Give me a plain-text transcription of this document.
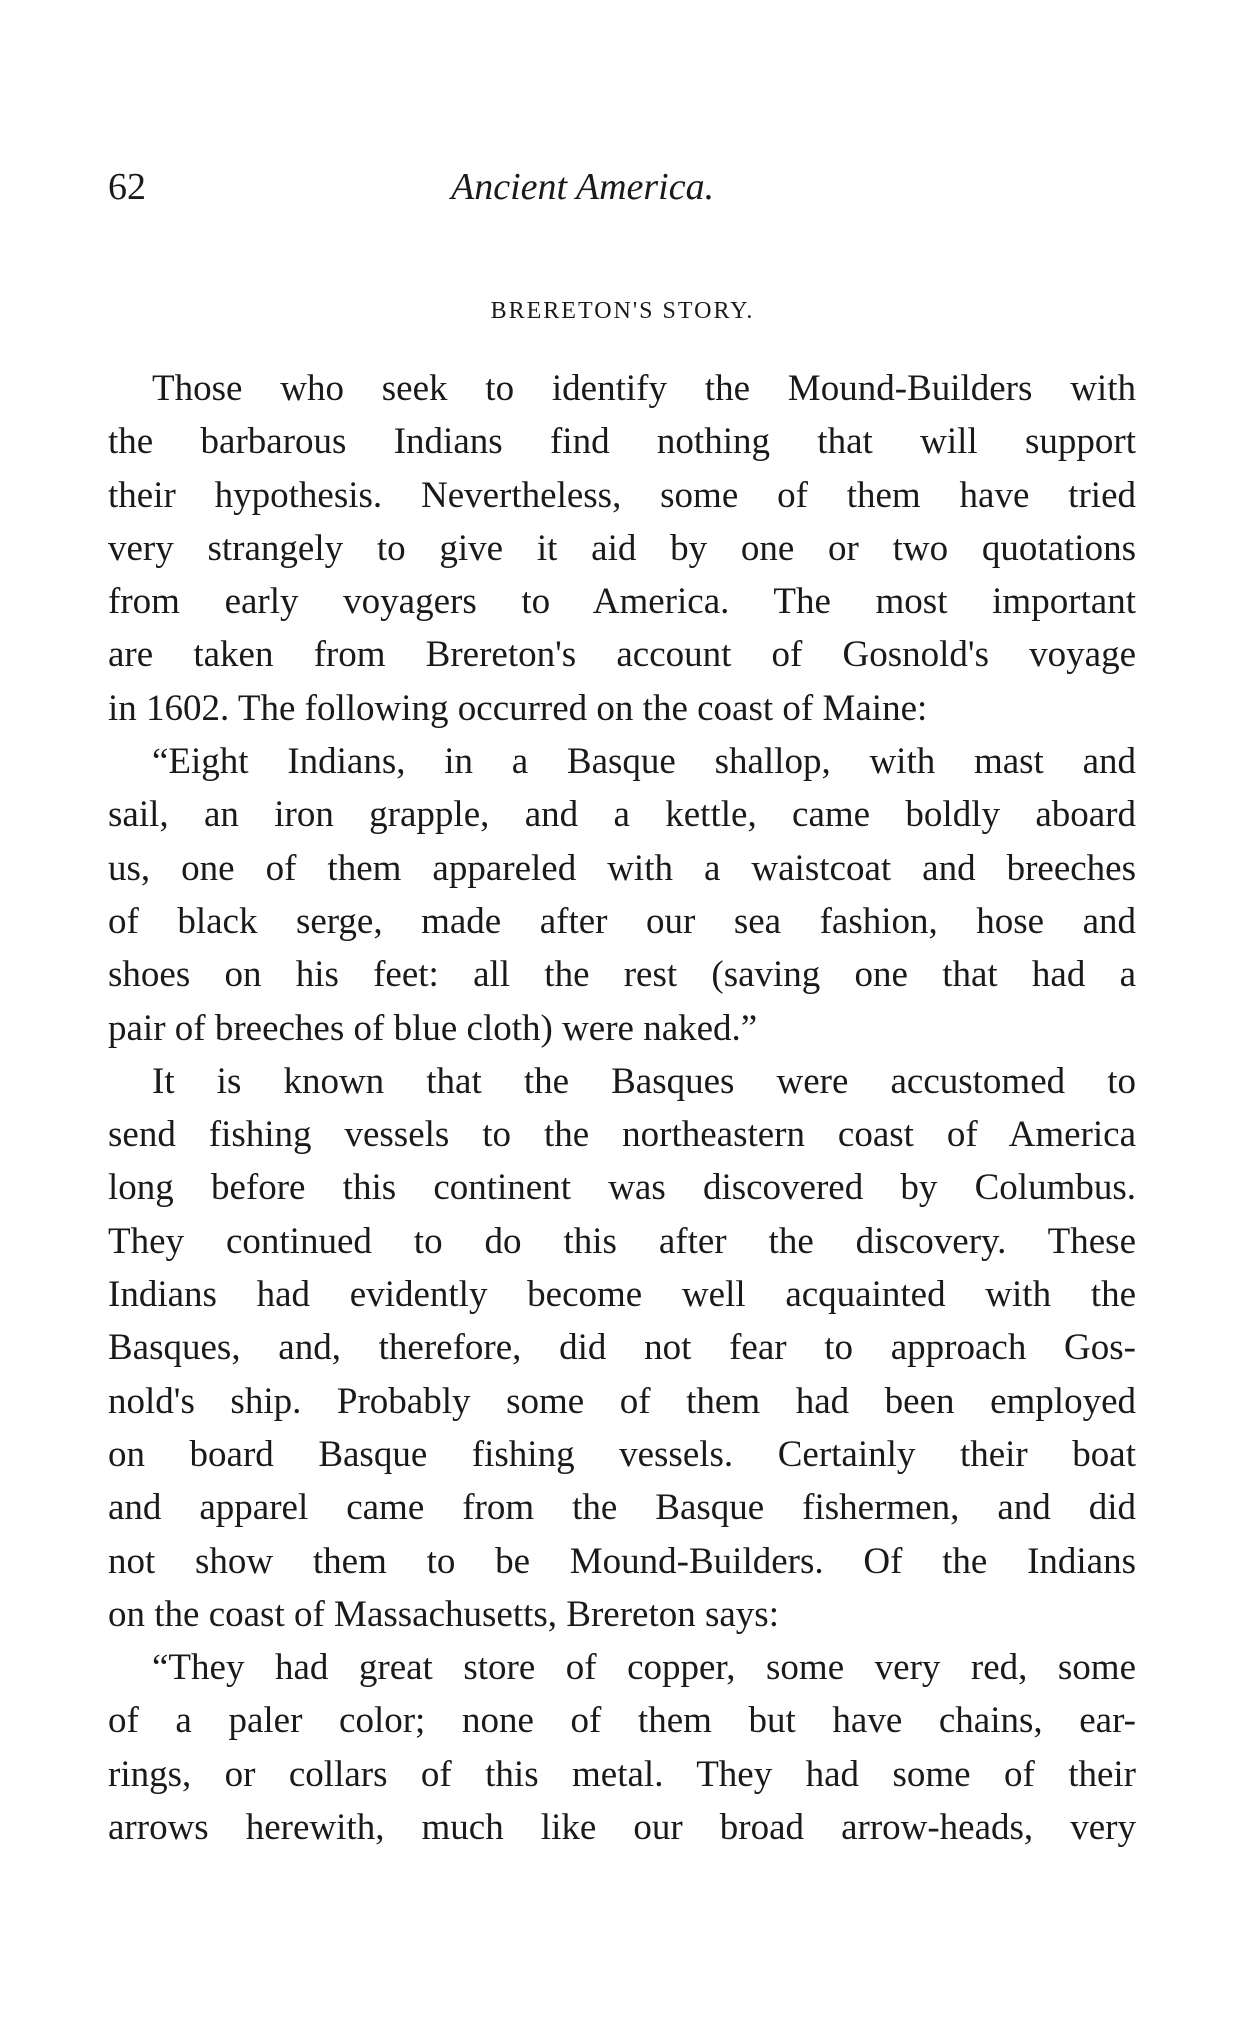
62	Ancient America.
BRERETON'S STORY.
Those who seek to identify the Mound-Builders with
the barbarous Indians find nothing that will support
their hypothesis. Nevertheless, some of them have tried
very strangely to give it aid by one or two quotations
from early voyagers to America. The most important
are taken from Brereton's account of Gosnold's voyage
in 1602. The following occurred on the coast of Maine:
“Eight Indians, in a Basque shallop, with mast and
sail, an iron grapple, and a kettle, came boldly aboard
us, one of them appareled with a waistcoat and breeches
of black serge, made after our sea fashion, hose and
shoes on his feet: all the rest (saving one that had a
pair of breeches of blue cloth) were naked.”
It is known that the Basques were accustomed to
send fishing vessels to the northeastern coast of America
long before this continent was discovered by Columbus.
They continued to do this after the discovery. These
Indians had evidently become well acquainted with the
Basques, and, therefore, did not fear to approach Gos-
nold's ship. Probably some of them had been employed
on board Basque fishing vessels. Certainly their boat
and apparel came from the Basque fishermen, and did
not show them to be Mound-Builders. Of the Indians
on the coast of Massachusetts, Brereton says:
“They had great store of copper, some very red, some
of a paler color; none of them but have chains, ear-
rings, or collars of this metal. They had some of their
arrows herewith, much like our broad arrow-heads, very
